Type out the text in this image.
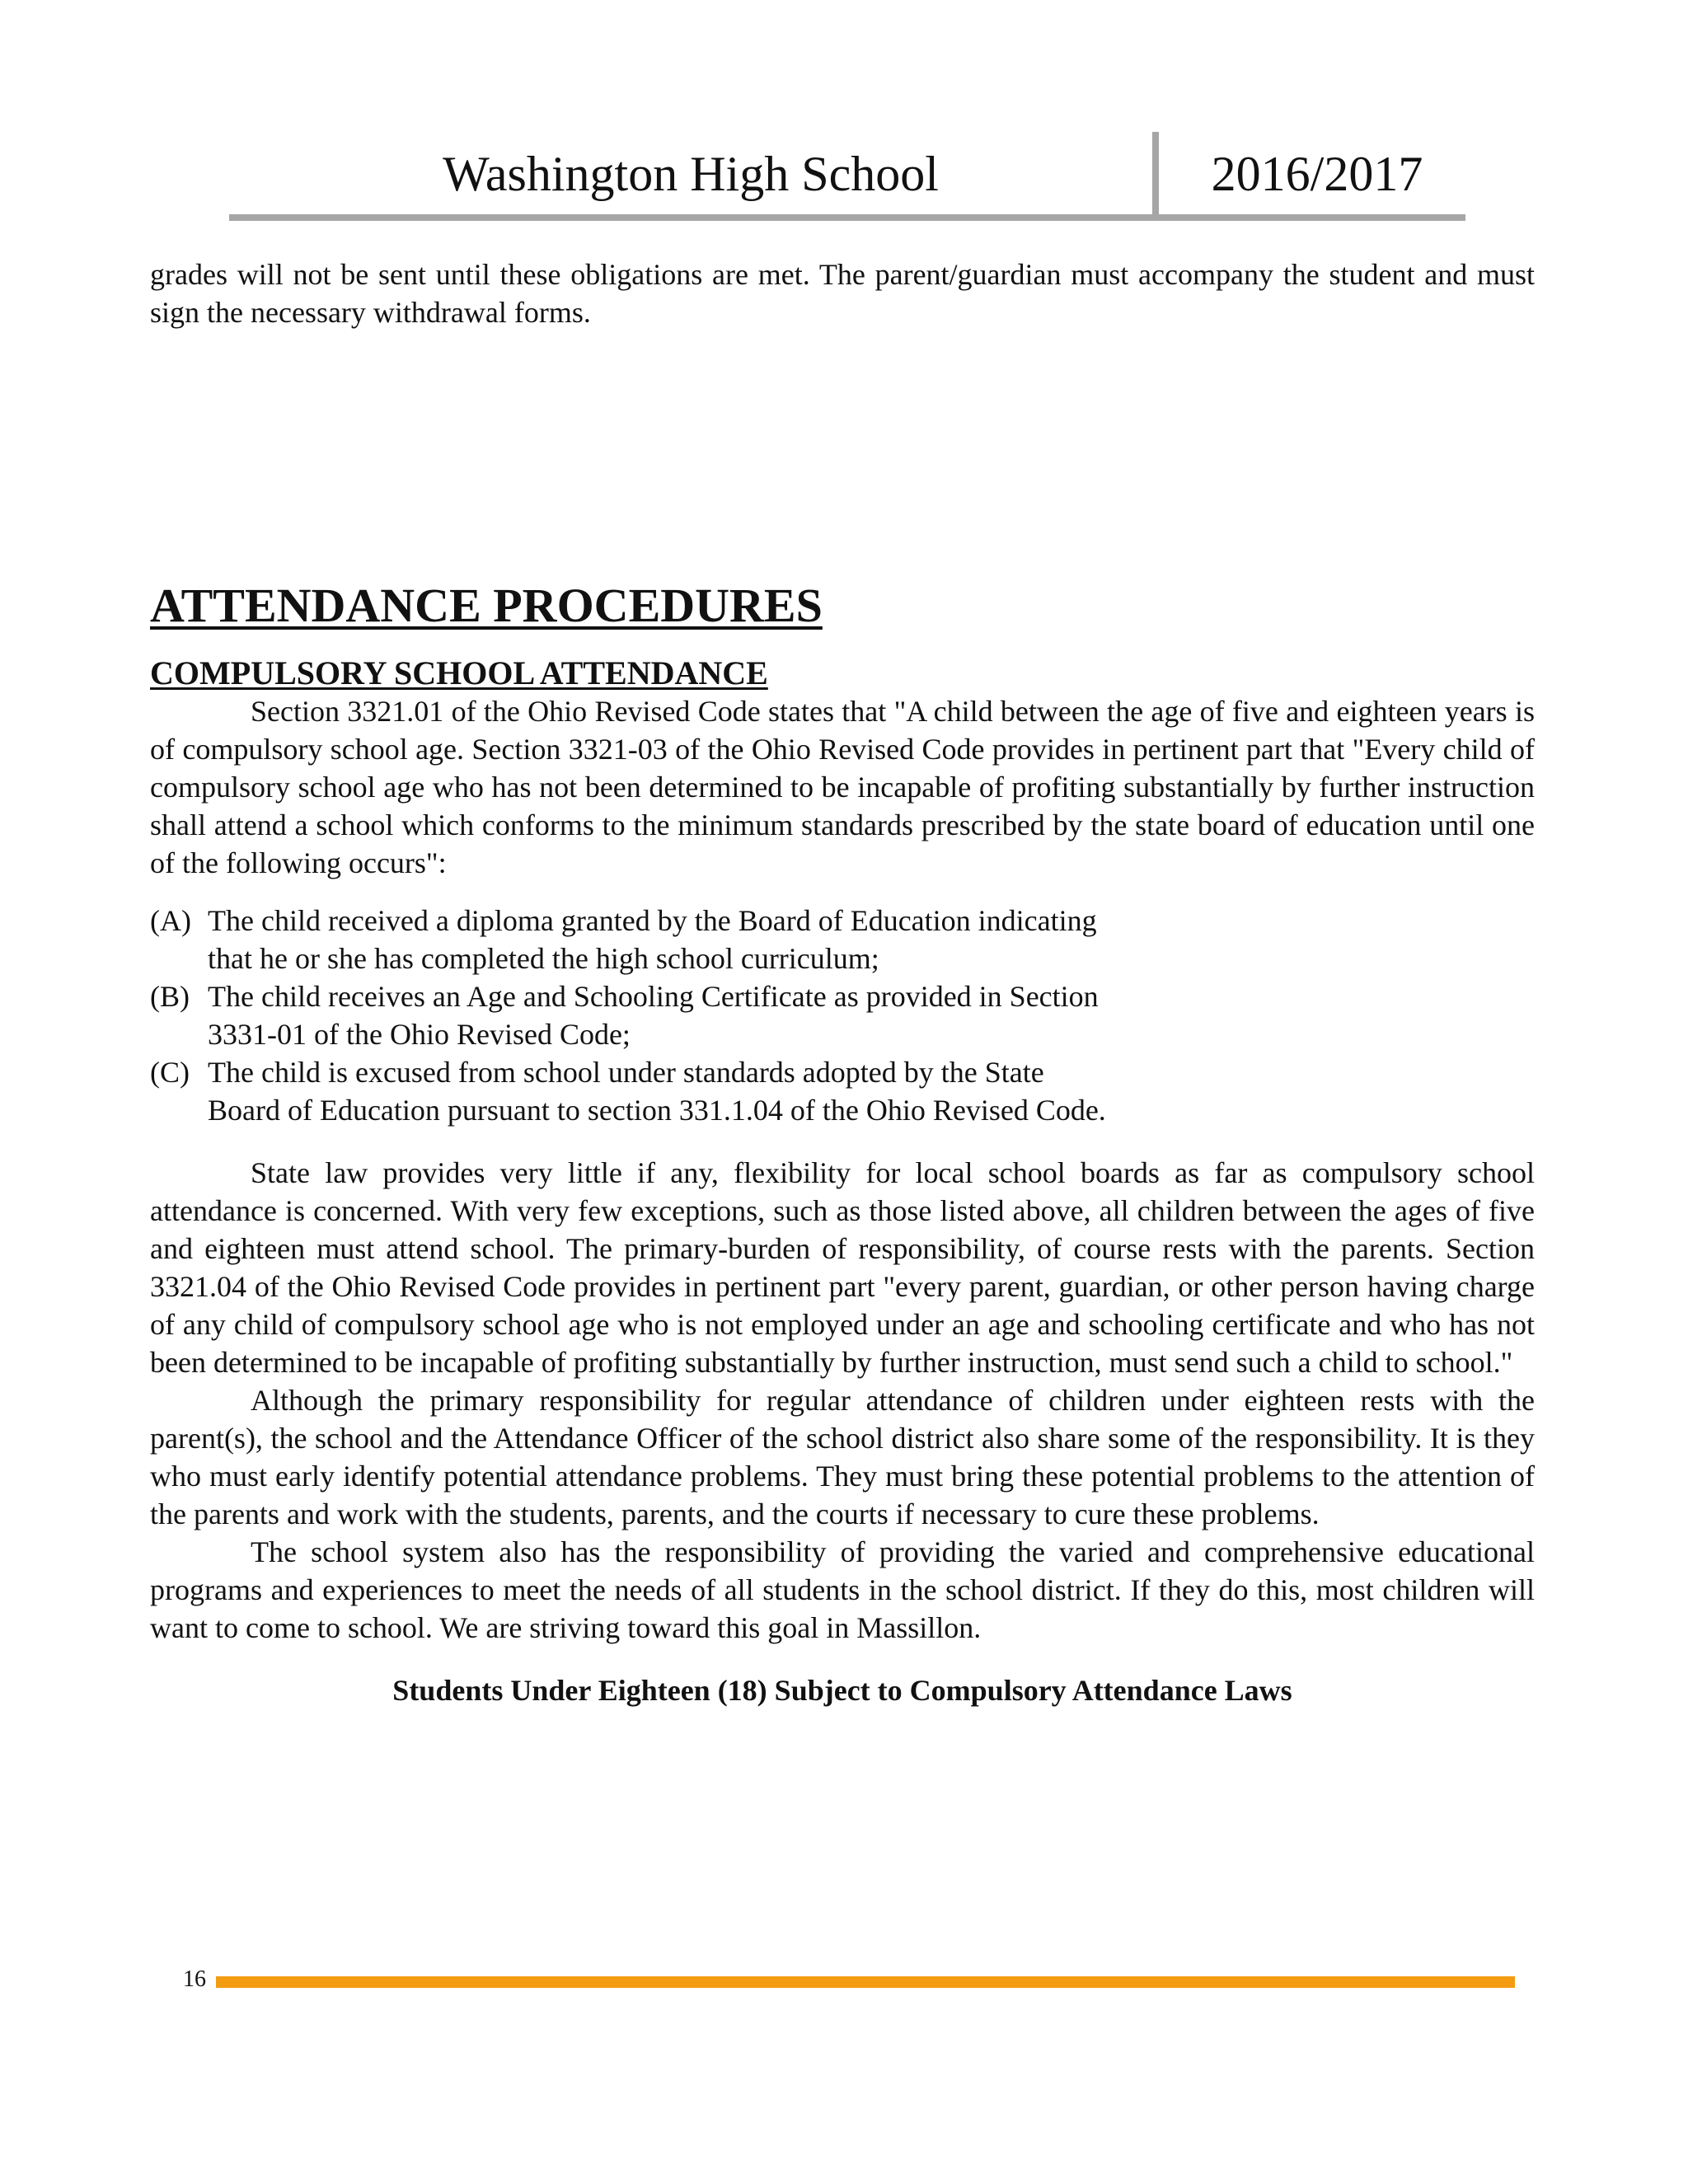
Washington High School	2016/2017

grades will not be sent until these obligations are met. The parent/guardian must accompany the student and must sign the necessary withdrawal forms.

ATTENDANCE PROCEDURES
COMPULSORY SCHOOL ATTENDANCE

Section 3321.01 of the Ohio Revised Code states that "A child between the age of five and eighteen years is of compulsory school age. Section 3321-03 of the Ohio Revised Code provides in pertinent part that "Every child of compulsory school age who has not been determined to be incapable of profiting substantially by further instruction shall attend a school which conforms to the minimum standards prescribed by the state board of education until one of the following occurs":

(A) The child received a diploma granted by the Board of Education indicating that he or she has completed the high school curriculum;
(B) The child receives an Age and Schooling Certificate as provided in Section 3331-01 of the Ohio Revised Code;
(C) The child is excused from school under standards adopted by the State Board of Education pursuant to section 331.1.04 of the Ohio Revised Code.

State law provides very little if any, flexibility for local school boards as far as compulsory school attendance is concerned. With very few exceptions, such as those listed above, all children between the ages of five and eighteen must attend school. The primary-burden of responsibility, of course rests with the parents. Section 3321.04 of the Ohio Revised Code provides in pertinent part "every parent, guardian, or other person having charge of any child of compulsory school age who is not employed under an age and schooling certificate and who has not been determined to be incapable of profiting substantially by further instruction, must send such a child to school."

Although the primary responsibility for regular attendance of children under eighteen rests with the parent(s), the school and the Attendance Officer of the school district also share some of the responsibility. It is they who must early identify potential attendance problems. They must bring these potential problems to the attention of the parents and work with the students, parents, and the courts if necessary to cure these problems.

The school system also has the responsibility of providing the varied and comprehensive educational programs and experiences to meet the needs of all students in the school district. If they do this, most children will want to come to school. We are striving toward this goal in Massillon.

Students Under Eighteen (18) Subject to Compulsory Attendance Laws

16
